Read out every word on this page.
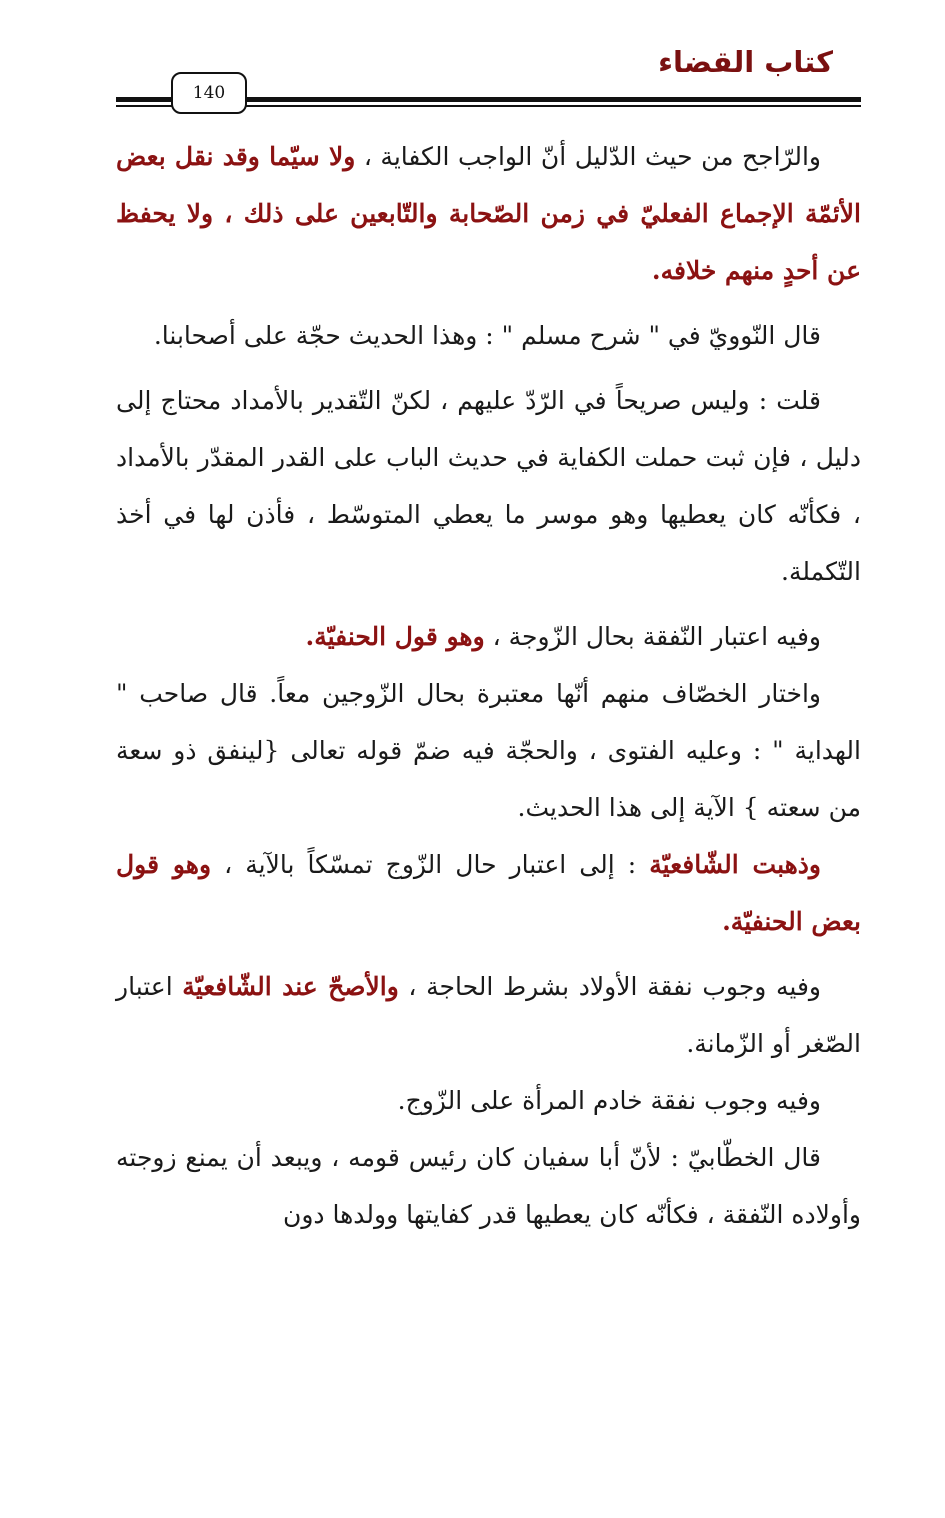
كتاب القضاء
140

والرّاجح من حيث الدّليل أنّ الواجب الكفاية ، ولا سيّما وقد نقل بعض الأئمّة الإجماع الفعليّ في زمن الصّحابة والتّابعين على ذلك ، ولا يحفظ عن أحدٍ منهم خلافه.

قال النّوويّ في " شرح مسلم " : وهذا الحديث حجّة على أصحابنا.

قلت : وليس صريحاً في الرّدّ عليهم ، لكنّ التّقدير بالأمداد محتاج إلى دليل ، فإن ثبت حملت الكفاية في حديث الباب على القدر المقدّر بالأمداد ، فكأنّه كان يعطيها وهو موسر ما يعطي المتوسّط ، فأذن لها في أخذ التّكملة.

وفيه اعتبار النّفقة بحال الزّوجة ، وهو قول الحنفيّة.

واختار الخصّاف منهم أنّها معتبرة بحال الزّوجين معاً. قال صاحب " الهداية " : وعليه الفتوى ، والحجّة فيه ضمّ قوله تعالى {لينفق ذو سعة من سعته } الآية إلى هذا الحديث.

وذهبت الشّافعيّة : إلى اعتبار حال الزّوج تمسّكاً بالآية ، وهو قول بعض الحنفيّة.

وفيه وجوب نفقة الأولاد بشرط الحاجة ، والأصحّ عند الشّافعيّة اعتبار الصّغر أو الزّمانة.

وفيه وجوب نفقة خادم المرأة على الزّوج.

قال الخطّابيّ : لأنّ أبا سفيان كان رئيس قومه ، ويبعد أن يمنع زوجته وأولاده النّفقة ، فكأنّه كان يعطيها قدر كفايتها وولدها دون
